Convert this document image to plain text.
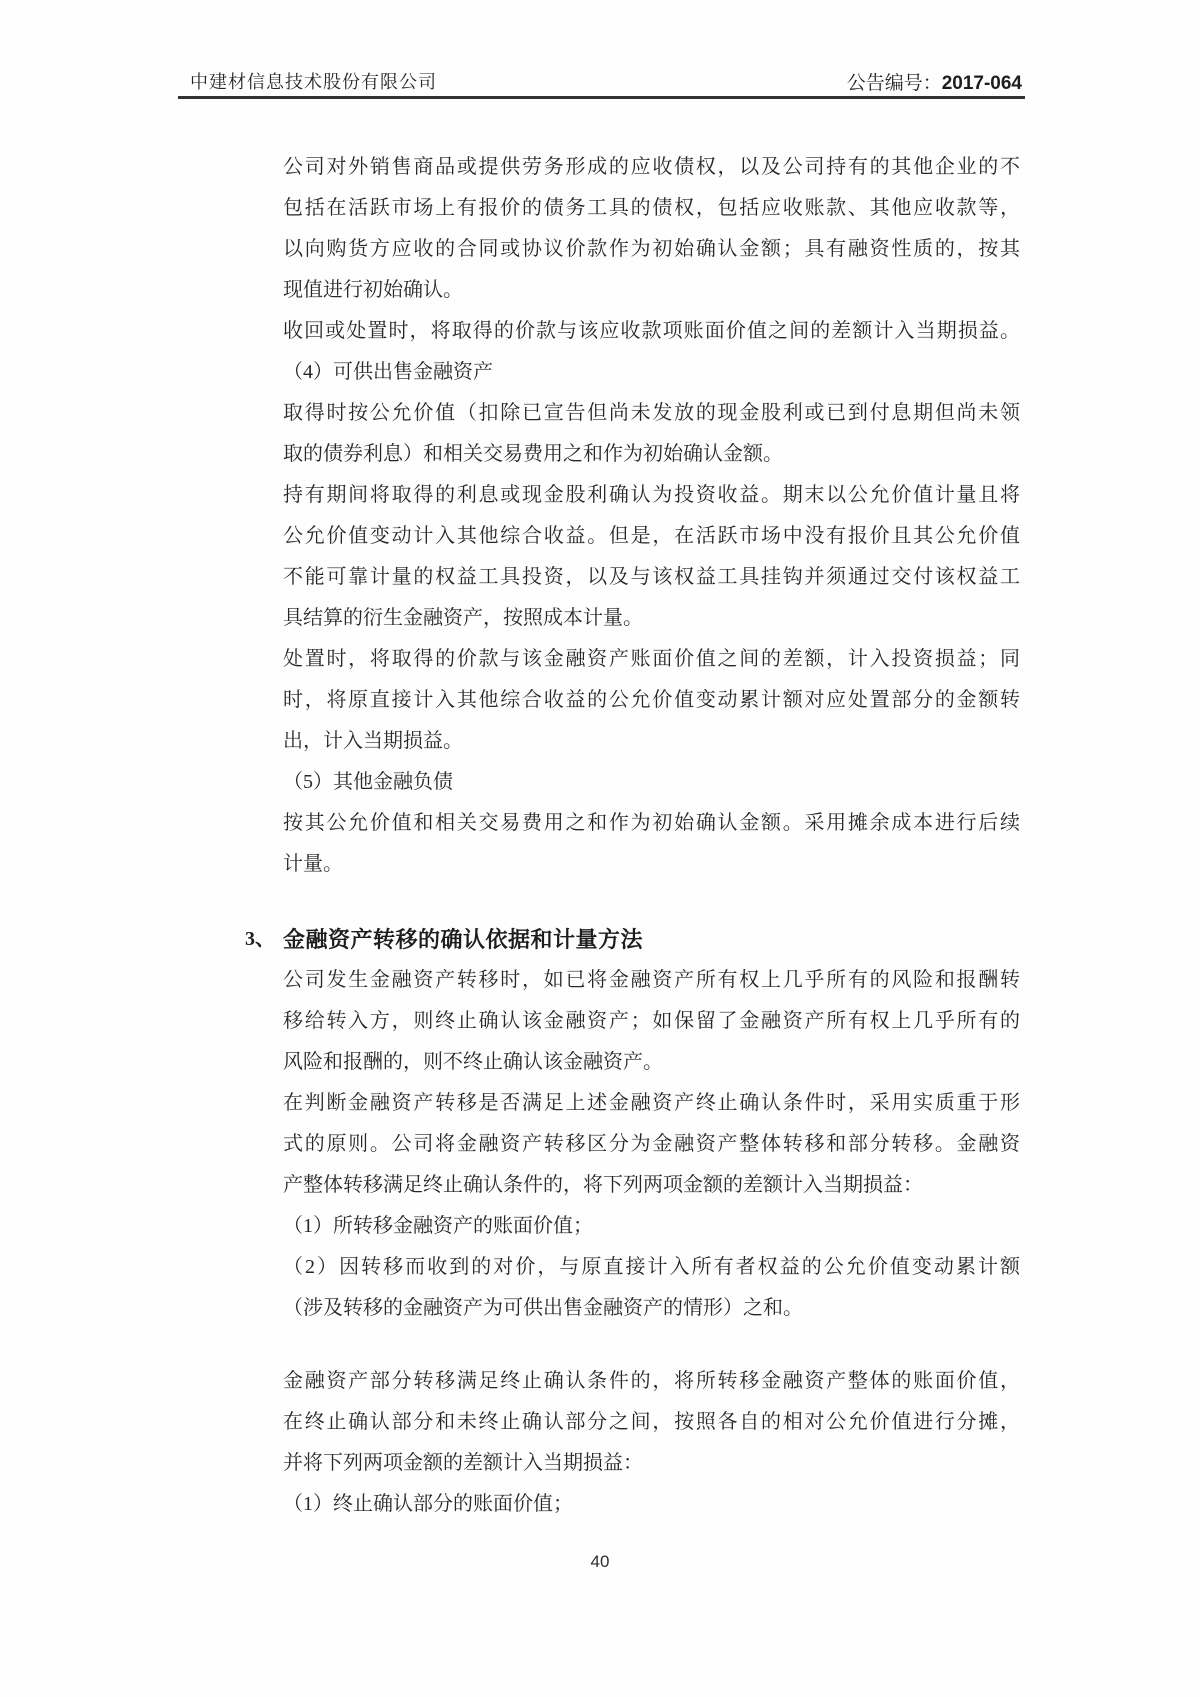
中建材信息技术股份有限公司	公告编号：2017-064
公司对外销售商品或提供劳务形成的应收债权，以及公司持有的其他企业的不
包括在活跃市场上有报价的债务工具的债权，包括应收账款、其他应收款等，
以向购货方应收的合同或协议价款作为初始确认金额；具有融资性质的，按其
现值进行初始确认。
收回或处置时，将取得的价款与该应收款项账面价值之间的差额计入当期损益。
（4）可供出售金融资产
取得时按公允价值（扣除已宣告但尚未发放的现金股利或已到付息期但尚未领
取的债券利息）和相关交易费用之和作为初始确认金额。
持有期间将取得的利息或现金股利确认为投资收益。期末以公允价值计量且将
公允价值变动计入其他综合收益。但是，在活跃市场中没有报价且其公允价值
不能可靠计量的权益工具投资，以及与该权益工具挂钩并须通过交付该权益工
具结算的衍生金融资产，按照成本计量。
处置时，将取得的价款与该金融资产账面价值之间的差额，计入投资损益；同
时，将原直接计入其他综合收益的公允价值变动累计额对应处置部分的金额转
出，计入当期损益。
（5）其他金融负债
按其公允价值和相关交易费用之和作为初始确认金额。采用摊余成本进行后续
计量。
3、 金融资产转移的确认依据和计量方法
公司发生金融资产转移时，如已将金融资产所有权上几乎所有的风险和报酬转
移给转入方，则终止确认该金融资产；如保留了金融资产所有权上几乎所有的
风险和报酬的，则不终止确认该金融资产。
在判断金融资产转移是否满足上述金融资产终止确认条件时，采用实质重于形
式的原则。公司将金融资产转移区分为金融资产整体转移和部分转移。金融资
产整体转移满足终止确认条件的，将下列两项金额的差额计入当期损益：
（1）所转移金融资产的账面价值；
（2）因转移而收到的对价，与原直接计入所有者权益的公允价值变动累计额
（涉及转移的金融资产为可供出售金融资产的情形）之和。
金融资产部分转移满足终止确认条件的，将所转移金融资产整体的账面价值，
在终止确认部分和未终止确认部分之间，按照各自的相对公允价值进行分摊，
并将下列两项金额的差额计入当期损益：
（1）终止确认部分的账面价值；
40
